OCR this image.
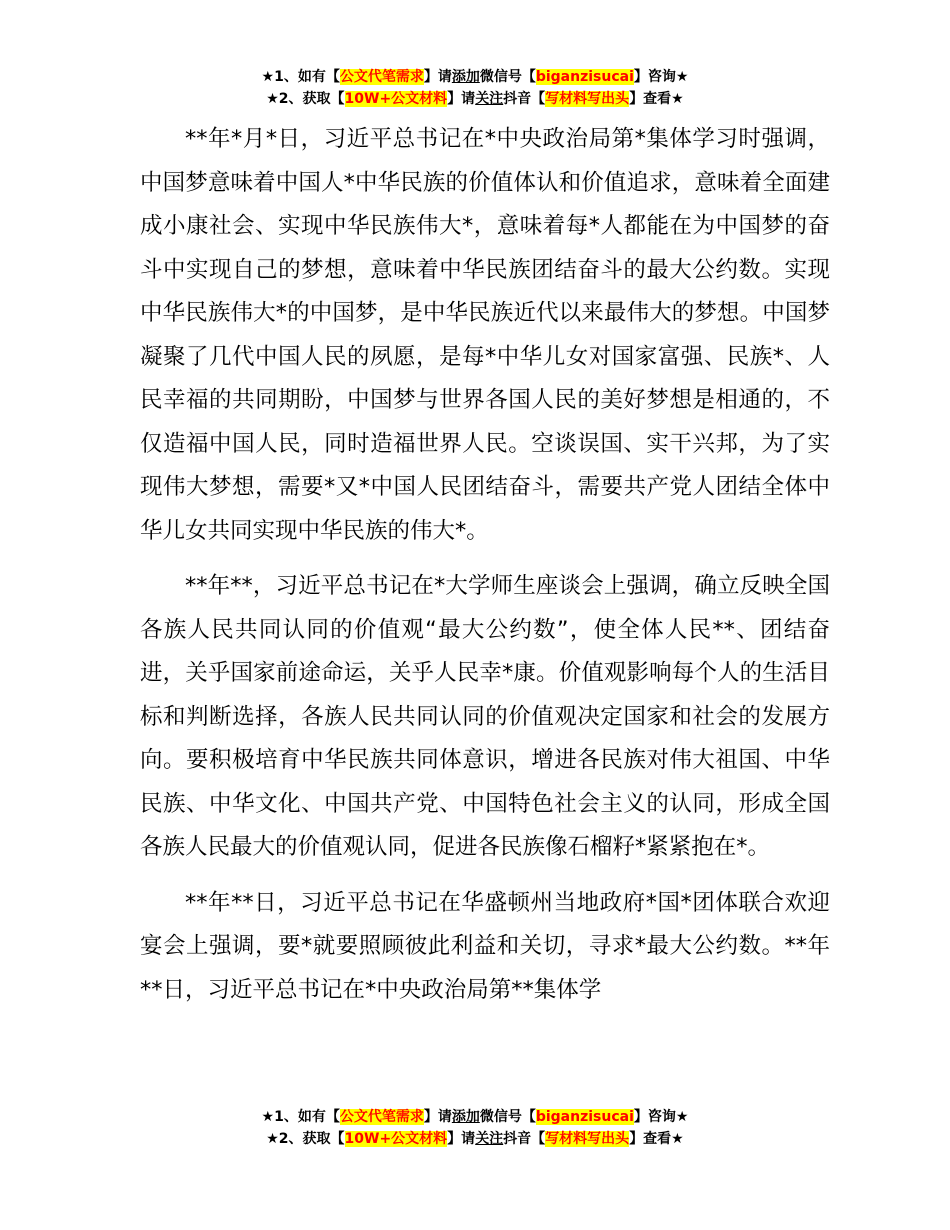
★1、如有【公文代笔需求】请添加微信号【biganzisucai】咨询★
★2、获取【10W+公文材料】请关注抖音【写材料写出头】查看★

**年*月*日，习近平总书记在*中央政治局第*集体学习时强调，中国梦意味着中国人*中华民族的价值体认和价值追求，意味着全面建成小康社会、实现中华民族伟大*，意味着每*人都能在为中国梦的奋斗中实现自己的梦想，意味着中华民族团结奋斗的最大公约数。实现中华民族伟大*的中国梦，是中华民族近代以来最伟大的梦想。中国梦凝聚了几代中国人民的夙愿，是每*中华儿女对国家富强、民族*、人民幸福的共同期盼，中国梦与世界各国人民的美好梦想是相通的，不仅造福中国人民，同时造福世界人民。空谈误国、实干兴邦，为了实现伟大梦想，需要*又*中国人民团结奋斗，需要共产党人团结全体中华儿女共同实现中华民族的伟大*。

**年**，习近平总书记在*大学师生座谈会上强调，确立反映全国各族人民共同认同的价值观“最大公约数”，使全体人民**、团结奋进，关乎国家前途命运，关乎人民幸*康。价值观影响每个人的生活目标和判断选择，各族人民共同认同的价值观决定国家和社会的发展方向。要积极培育中华民族共同体意识，增进各民族对伟大祖国、中华民族、中华文化、中国共产党、中国特色社会主义的认同，形成全国各族人民最大的价值观认同，促进各民族像石榴籽*紧紧抱在*。

**年**日，习近平总书记在华盛顿州当地政府*国*团体联合欢迎宴会上强调，要*就要照顾彼此利益和关切，寻求*最大公约数。**年**日，习近平总书记在*中央政治局第**集体学

★1、如有【公文代笔需求】请添加微信号【biganzisucai】咨询★
★2、获取【10W+公文材料】请关注抖音【写材料写出头】查看★
